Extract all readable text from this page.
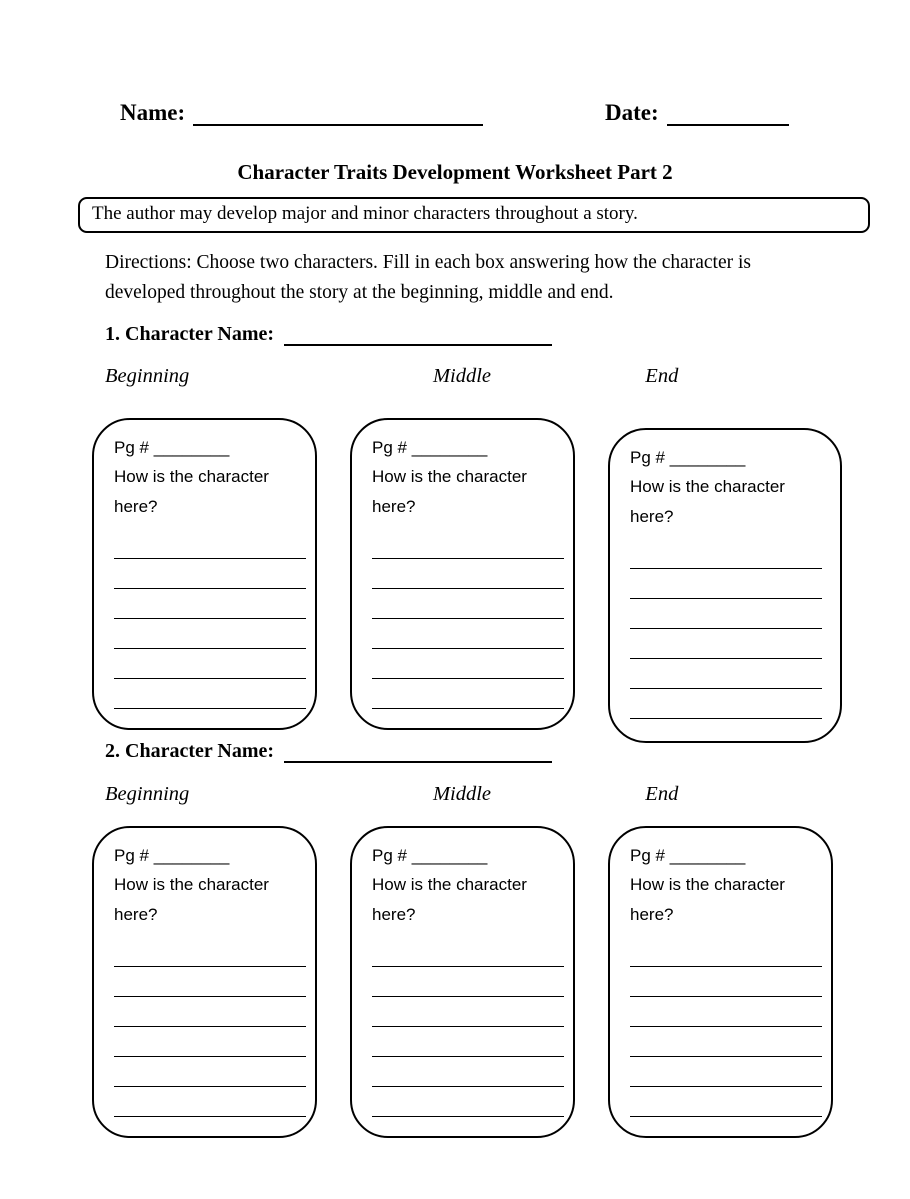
Name:	Date:
Character Traits Development Worksheet Part 2
The author may develop major and minor characters throughout a story.
Directions: Choose two characters. Fill in each box answering how the character is developed throughout the story at the beginning, middle and end.
1. Character Name:
Beginning	Middle	End
Pg # ________
How is the character here?
Pg # ________
How is the character here?
Pg # ________
How is the character here?
2. Character Name:
Beginning	Middle	End
Pg # ________
How is the character here?
Pg # ________
How is the character here?
Pg # ________
How is the character here?
